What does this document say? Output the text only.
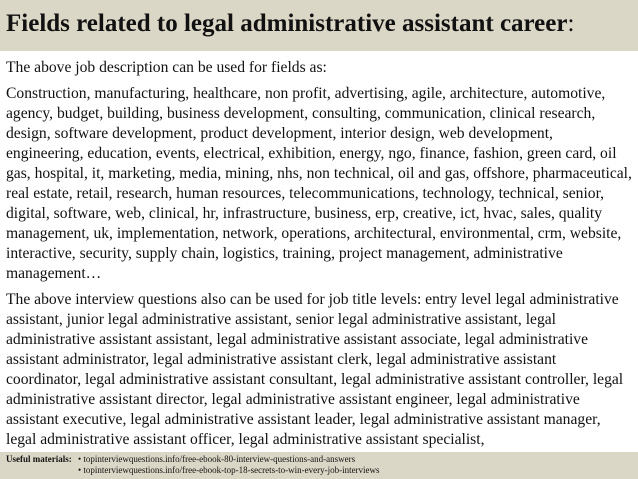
Fields related to legal administrative assistant career:

The above job description can be used for fields as:

Construction, manufacturing, healthcare, non profit, advertising, agile, architecture, automotive, agency, budget, building, business development, consulting, communication, clinical research, design, software development, product development, interior design, web development, engineering, education, events, electrical, exhibition, energy, ngo, finance, fashion, green card, oil gas, hospital, it, marketing, media, mining, nhs, non technical, oil and gas, offshore, pharmaceutical, real estate, retail, research, human resources, telecommunications, technology, technical, senior, digital, software, web, clinical, hr, infrastructure, business, erp, creative, ict, hvac, sales, quality management, uk, implementation, network, operations, architectural, environmental, crm, website, interactive, security, supply chain, logistics, training, project management, administrative management…

The above interview questions also can be used for job title levels: entry level legal administrative assistant, junior legal administrative assistant, senior legal administrative assistant, legal administrative assistant assistant, legal administrative assistant associate, legal administrative assistant administrator, legal administrative assistant clerk, legal administrative assistant coordinator, legal administrative assistant consultant, legal administrative assistant controller, legal administrative assistant director, legal administrative assistant engineer, legal administrative assistant executive, legal administrative assistant leader, legal administrative assistant manager, legal administrative assistant officer, legal administrative assistant specialist,

Useful materials: • topinterviewquestions.info/free-ebook-80-interview-questions-and-answers
• topinterviewquestions.info/free-ebook-top-18-secrets-to-win-every-job-interviews
